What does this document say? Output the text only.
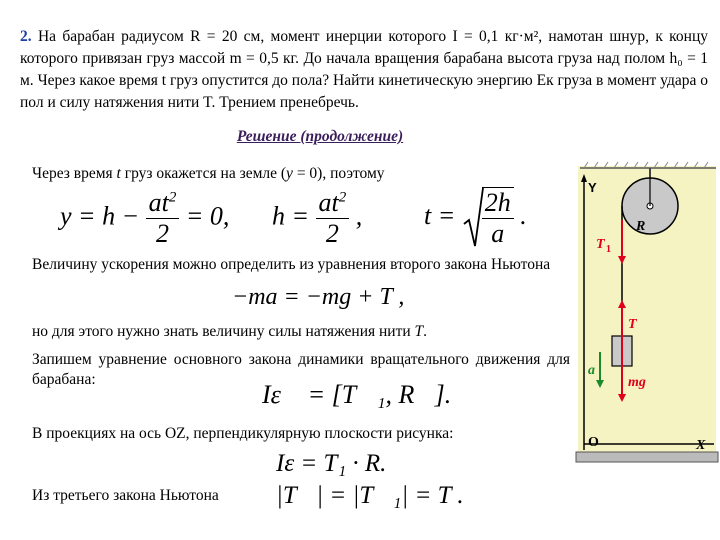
2. На барабан радиусом R = 20 см, момент инерции которого I = 0,1 кг·м², намотан шнур, к концу которого привязан груз массой m = 0,5 кг. До начала вращения барабана высота груза над полом h₀ = 1 м. Через какое время t груз опустится до пола? Найти кинетическую энергию Eк груза в момент удара о пол и силу натяжения нити T. Трением пренебречь.
Решение (продолжение)
Через время t груз окажется на земле (y = 0), поэтому
$y = h - \frac{at^2}{2} = 0$, $h = \frac{at^2}{2}$ , $t = \frac{2h}{a}$ .
Величину ускорения можно определить из уравнения второго закона Ньютона
−ma = −mg + T ,
но для этого нужно знать величину силы натяжения нити T.
Запишем уравнение основного закона динамики вращательного движения для барабана:
Iε⃗ = [T⃗₁, R⃗].
В проекциях на ось OZ, перпендикулярную плоскости рисунка:
Iε = T₁ · R.
Из третьего закона Ньютона |T⃗| = |T⃗₁| = T .
Y
X
O
R
T 1
T
mg
a
